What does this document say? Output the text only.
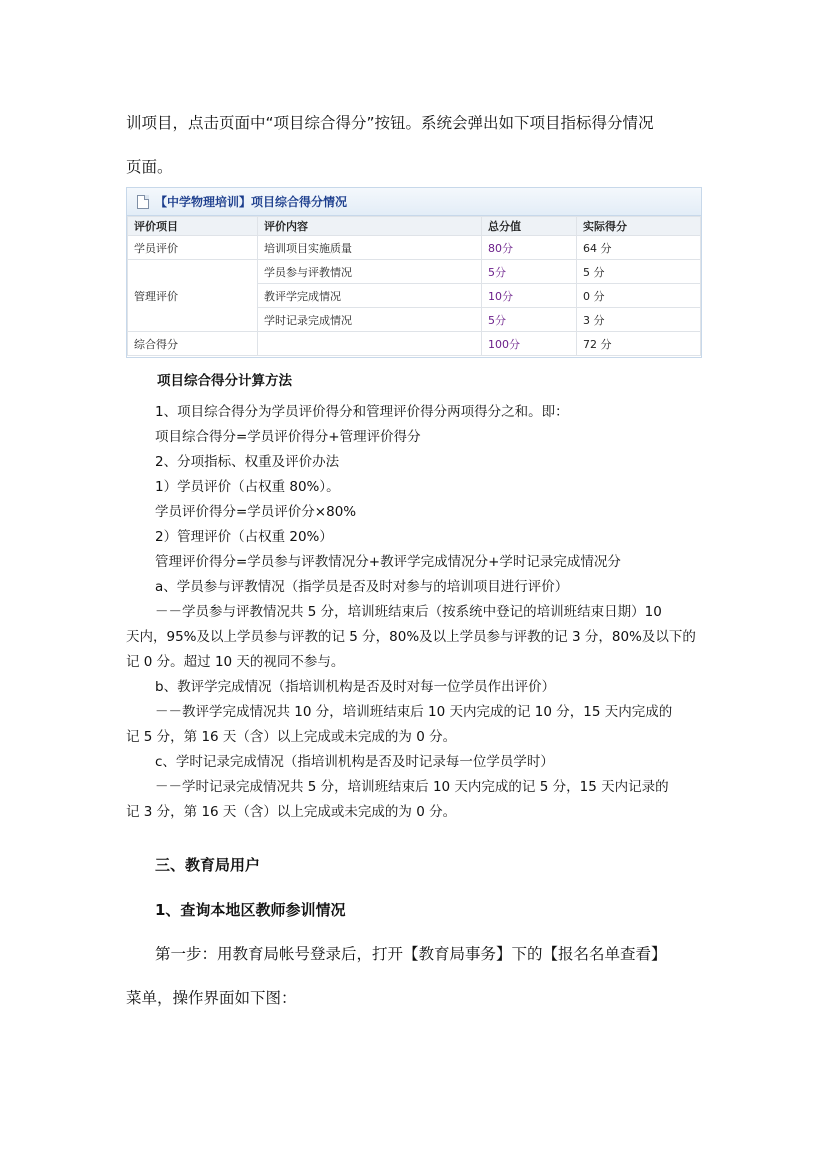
训项目，点击页面中“项目综合得分”按钮。系统会弹出如下项目指标得分情况
页面。
【中学物理培训】项目综合得分情况
评价项目	评价内容	总分值	实际得分
学员评价	培训项目实施质量	80分	64 分
管理评价	学员参与评教情况	5分	5 分
	教评学完成情况	10分	0 分
	学时记录完成情况	5分	3 分
综合得分		100分	72 分
项目综合得分计算方法
1、项目综合得分为学员评价得分和管理评价得分两项得分之和。即：
项目综合得分=学员评价得分+管理评价得分
2、分项指标、权重及评价办法
1）学员评价（占权重 80%）。
学员评价得分=学员评价分×80%
2）管理评价（占权重 20%）
管理评价得分=学员参与评教情况分+教评学完成情况分+学时记录完成情况分
a、学员参与评教情况（指学员是否及时对参与的培训项目进行评价）
－－学员参与评教情况共 5 分，培训班结束后（按系统中登记的培训班结束日期）10
天内，95%及以上学员参与评教的记 5 分，80%及以上学员参与评教的记 3 分，80%及以下的
记 0 分。超过 10 天的视同不参与。
b、教评学完成情况（指培训机构是否及时对每一位学员作出评价）
－－教评学完成情况共 10 分，培训班结束后 10 天内完成的记 10 分，15 天内完成的
记 5 分，第 16 天（含）以上完成或未完成的为 0 分。
c、学时记录完成情况（指培训机构是否及时记录每一位学员学时）
－－学时记录完成情况共 5 分，培训班结束后 10 天内完成的记 5 分，15 天内记录的
记 3 分，第 16 天（含）以上完成或未完成的为 0 分。
三、教育局用户
1、查询本地区教师参训情况
第一步：用教育局帐号登录后，打开【教育局事务】下的【报名名单查看】
菜单，操作界面如下图：
